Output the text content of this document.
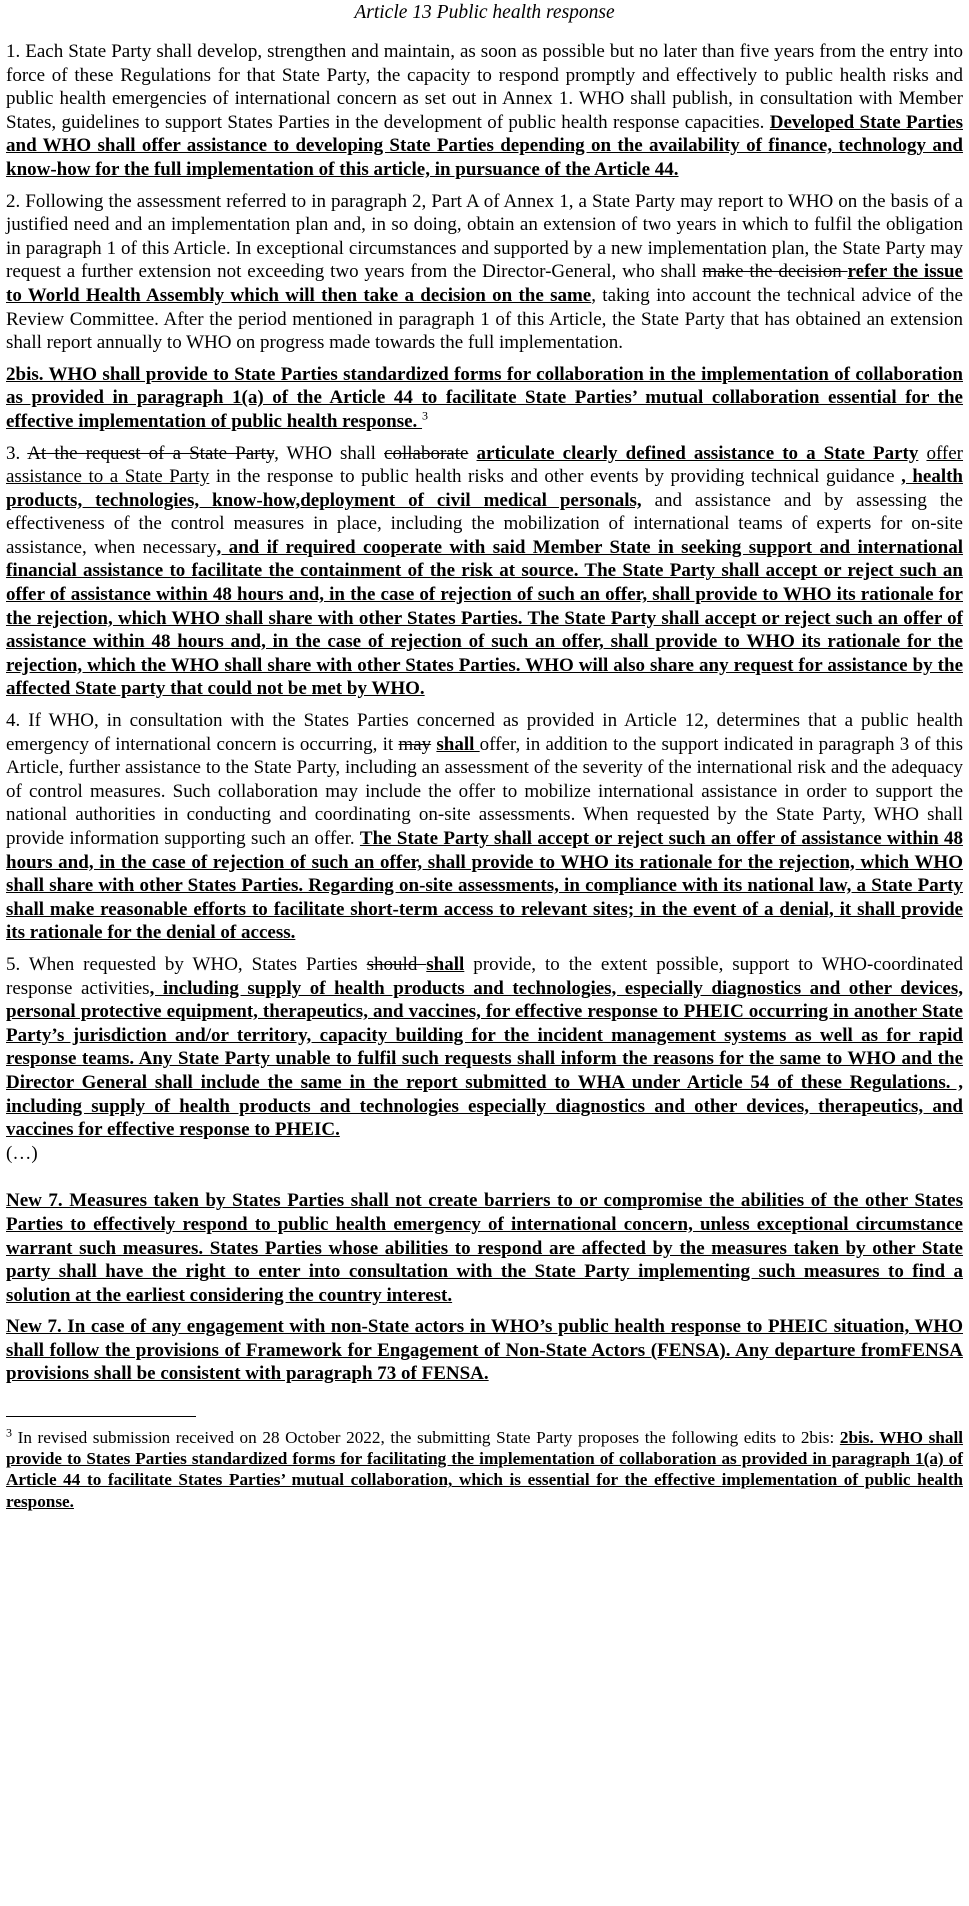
Article 13 Public health response
1. Each State Party shall develop, strengthen and maintain, as soon as possible but no later than five years from the entry into force of these Regulations for that State Party, the capacity to respond promptly and effectively to public health risks and public health emergencies of international concern as set out in Annex 1. WHO shall publish, in consultation with Member States, guidelines to support States Parties in the development of public health response capacities. Developed State Parties and WHO shall offer assistance to developing State Parties depending on the availability of finance, technology and know-how for the full implementation of this article, in pursuance of the Article 44.
2. Following the assessment referred to in paragraph 2, Part A of Annex 1, a State Party may report to WHO on the basis of a justified need and an implementation plan and, in so doing, obtain an extension of two years in which to fulfil the obligation in paragraph 1 of this Article. In exceptional circumstances and supported by a new implementation plan, the State Party may request a further extension not exceeding two years from the Director-General, who shall make the decision refer the issue to World Health Assembly which will then take a decision on the same, taking into account the technical advice of the Review Committee. After the period mentioned in paragraph 1 of this Article, the State Party that has obtained an extension shall report annually to WHO on progress made towards the full implementation.
2bis. WHO shall provide to State Parties standardized forms for collaboration in the implementation of collaboration as provided in paragraph 1(a) of the Article 44 to facilitate State Parties’ mutual collaboration essential for the effective implementation of public health response. $^3$
3. At the request of a State Party, WHO shall collaborate articulate clearly defined assistance to a State Party offer assistance to a State Party in the response to public health risks and other events by providing technical guidance , health products, technologies, know-how,deployment of civil medical personals, and assistance and by assessing the effectiveness of the control measures in place, including the mobilization of international teams of experts for on-site assistance, when necessary, and if required cooperate with said Member State in seeking support and international financial assistance to facilitate the containment of the risk at source. The State Party shall accept or reject such an offer of assistance within 48 hours and, in the case of rejection of such an offer, shall provide to WHO its rationale for the rejection, which WHO shall share with other States Parties. The State Party shall accept or reject such an offer of assistance within 48 hours and, in the case of rejection of such an offer, shall provide to WHO its rationale for the rejection, which the WHO shall share with other States Parties. WHO will also share any request for assistance by the affected State party that could not be met by WHO.
4. If WHO, in consultation with the States Parties concerned as provided in Article 12, determines that a public health emergency of international concern is occurring, it may shall offer, in addition to the support indicated in paragraph 3 of this Article, further assistance to the State Party, including an assessment of the severity of the international risk and the adequacy of control measures. Such collaboration may include the offer to mobilize international assistance in order to support the national authorities in conducting and coordinating on-site assessments. When requested by the State Party, WHO shall provide information supporting such an offer. The State Party shall accept or reject such an offer of assistance within 48 hours and, in the case of rejection of such an offer, shall provide to WHO its rationale for the rejection, which WHO shall share with other States Parties. Regarding on-site assessments, in compliance with its national law, a State Party shall make reasonable efforts to facilitate short-term access to relevant sites; in the event of a denial, it shall provide its rationale for the denial of access.
5. When requested by WHO, States Parties should shall provide, to the extent possible, support to WHO-coordinated response activities, including supply of health products and technologies, especially diagnostics and other devices, personal protective equipment, therapeutics, and vaccines, for effective response to PHEIC occurring in another State Party’s jurisdiction and/or territory, capacity building for the incident management systems as well as for rapid response teams. Any State Party unable to fulfil such requests shall inform the reasons for the same to WHO and the Director General shall include the same in the report submitted to WHA under Article 54 of these Regulations. , including supply of health products and technologies especially diagnostics and other devices, therapeutics, and vaccines for effective response to PHEIC.
(…)
New 7. Measures taken by States Parties shall not create barriers to or compromise the abilities of the other States Parties to effectively respond to public health emergency of international concern, unless exceptional circumstance warrant such measures. States Parties whose abilities to respond are affected by the measures taken by other State party shall have the right to enter into consultation with the State Party implementing such measures to find a solution at the earliest considering the country interest.
New 7. In case of any engagement with non-State actors in WHO’s public health response to PHEIC situation, WHO shall follow the provisions of Framework for Engagement of Non-State Actors (FENSA). Any departure fromFENSA provisions shall be consistent with paragraph 73 of FENSA.
$^3$ In revised submission received on 28 October 2022, the submitting State Party proposes the following edits to 2bis: 2bis. WHO shall provide to States Parties standardized forms for facilitating the implementation of collaboration as provided in paragraph 1(a) of Article 44 to facilitate States Parties’ mutual collaboration, which is essential for the effective implementation of public health response.
